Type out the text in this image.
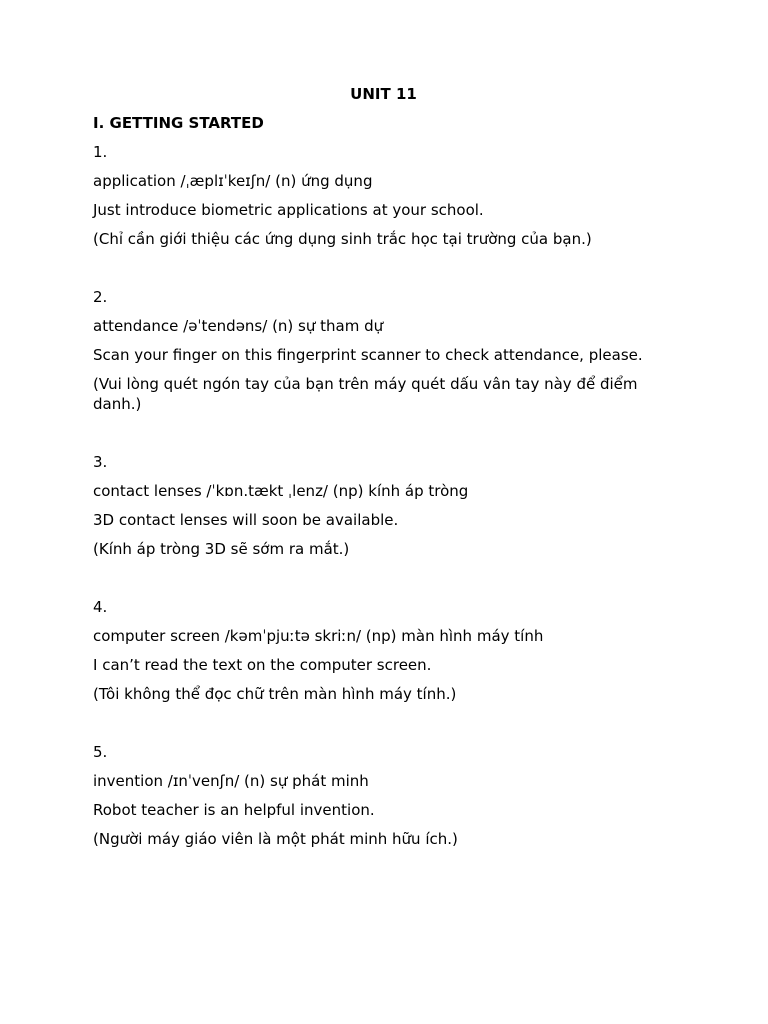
UNIT 11
I. GETTING STARTED
1.
application /ˌæplɪˈkeɪʃn/ (n) ứng dụng
Just introduce biometric applications at your school.
(Chỉ cần giới thiệu các ứng dụng sinh trắc học tại trường của bạn.)
2.
attendance /əˈtendəns/ (n) sự tham dự
Scan your finger on this fingerprint scanner to check attendance, please.
(Vui lòng quét ngón tay của bạn trên máy quét dấu vân tay này để điểm danh.)
3.
contact lenses /ˈkɒn.tækt ˌlenz/ (np) kính áp tròng
3D contact lenses will soon be available.
(Kính áp tròng 3D sẽ sớm ra mắt.)
4.
computer screen /kəmˈpjuːtə skriːn/ (np) màn hình máy tính
I can’t read the text on the computer screen.
(Tôi không thể đọc chữ trên màn hình máy tính.)
5.
invention /ɪnˈvenʃn/ (n) sự phát minh
Robot teacher is an helpful invention.
(Người máy giáo viên là một phát minh hữu ích.)
